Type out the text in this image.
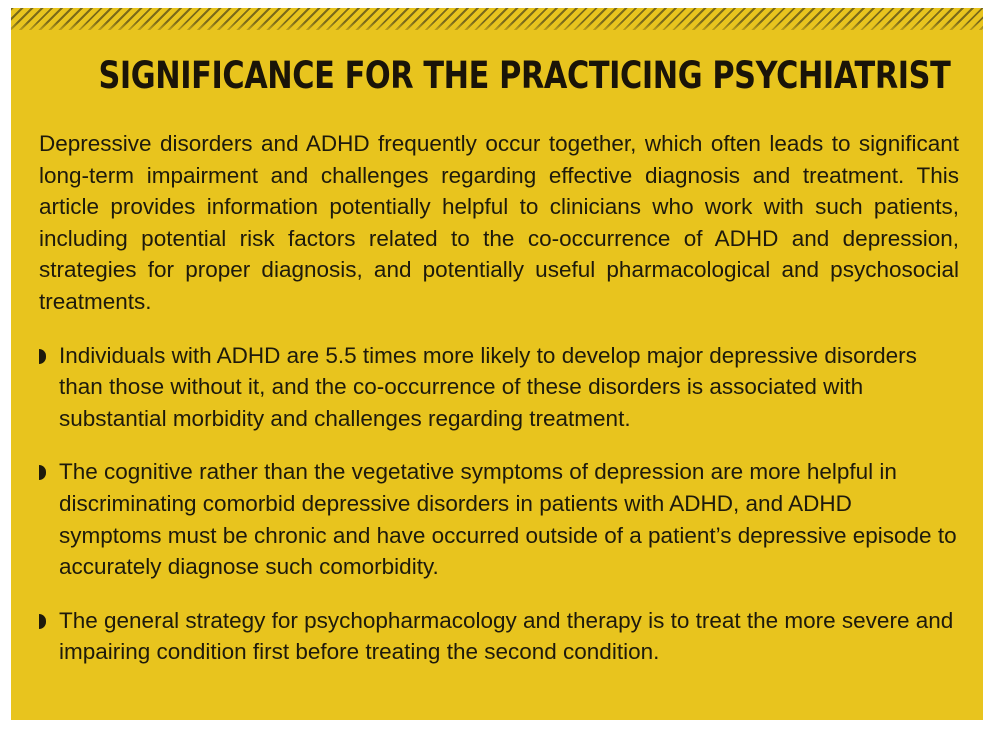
SIGNIFICANCE FOR THE PRACTICING PSYCHIATRIST

Depressive disorders and ADHD frequently occur together, which often leads to significant long-term impairment and challenges regarding effective diagnosis and treatment. This article provides information potentially helpful to clinicians who work with such patients, including potential risk factors related to the co-occurrence of ADHD and depression, strategies for proper diagnosis, and potentially useful pharmacological and psychosocial treatments.

Individuals with ADHD are 5.5 times more likely to develop major depressive disorders than those without it, and the co-occurrence of these disorders is associated with substantial morbidity and challenges regarding treatment.
The cognitive rather than the vegetative symptoms of depression are more helpful in discriminating comorbid depressive disorders in patients with ADHD, and ADHD symptoms must be chronic and have occurred outside of a patient’s depressive episode to accurately diagnose such comorbidity.
The general strategy for psychopharmacology and therapy is to treat the more severe and impairing condition first before treating the second condition.
